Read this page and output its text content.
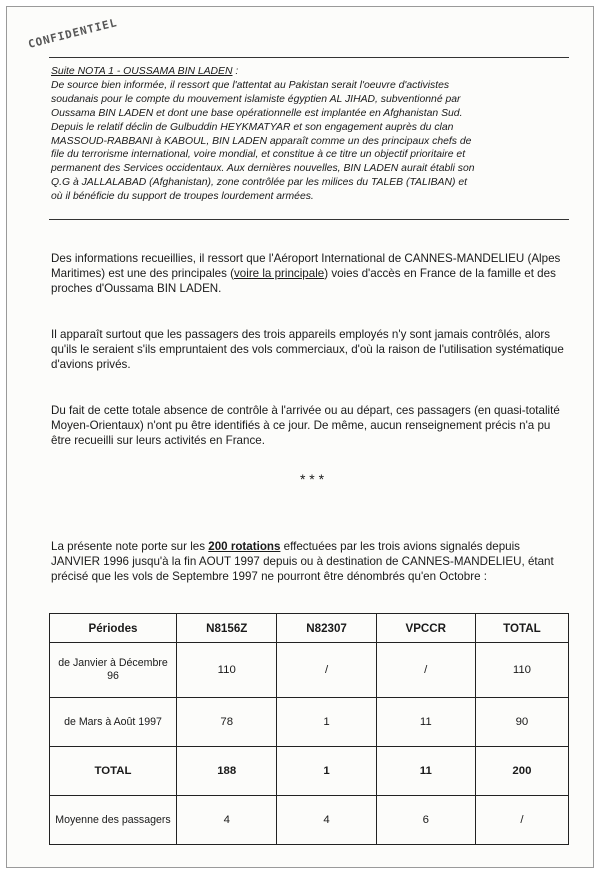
CONFIDENTIEL
Suite NOTA 1 - OUSSAMA BIN LADEN :
De source bien informée, il ressort que l'attentat au Pakistan serait l'oeuvre d'activistes
soudanais pour le compte du mouvement islamiste égyptien AL JIHAD, subventionné par
Oussama BIN LADEN et dont une base opérationnelle est implantée en Afghanistan Sud.
Depuis le relatif déclin de Gulbuddin HEYKMATYAR et son engagement auprès du clan
MASSOUD-RABBANI à KABOUL, BIN LADEN apparaît comme un des principaux chefs de
file du terrorisme international, voire mondial, et constitue à ce titre un objectif prioritaire et
permanent des Services occidentaux. Aux dernières nouvelles, BIN LADEN aurait établi son
Q.G à JALLALABAD (Afghanistan), zone contrôlée par les milices du TALEB (TALIBAN) et
où il bénéficie du support de troupes lourdement armées.
Des informations recueillies, il ressort que l'Aéroport International de CANNES-MANDELIEU (Alpes Maritimes) est une des principales (voire la principale) voies d'accès en France de la famille et des proches d'Oussama BIN LADEN.
Il apparaît surtout que les passagers des trois appareils employés n'y sont jamais contrôlés, alors qu'ils le seraient s'ils empruntaient des vols commerciaux, d'où la raison de l'utilisation systématique d'avions privés.
Du fait de cette totale absence de contrôle à l'arrivée ou au départ, ces passagers (en quasi-totalité Moyen-Orientaux) n'ont pu être identifiés à ce jour. De même, aucun renseignement précis n'a pu être recueilli sur leurs activités en France.
* * *
La présente note porte sur les 200 rotations effectuées par les trois avions signalés depuis JANVIER 1996 jusqu'à la fin AOUT 1997 depuis ou à destination de CANNES-MANDELIEU, étant précisé que les vols de Septembre 1997 ne pourront être dénombrés qu'en Octobre :
Périodes	N8156Z	N82307	VPCCR	TOTAL
de Janvier à Décembre 96	110	/	/	110
de Mars à Août 1997	78	1	11	90
TOTAL	188	1	11	200
Moyenne des passagers	4	4	6	/
